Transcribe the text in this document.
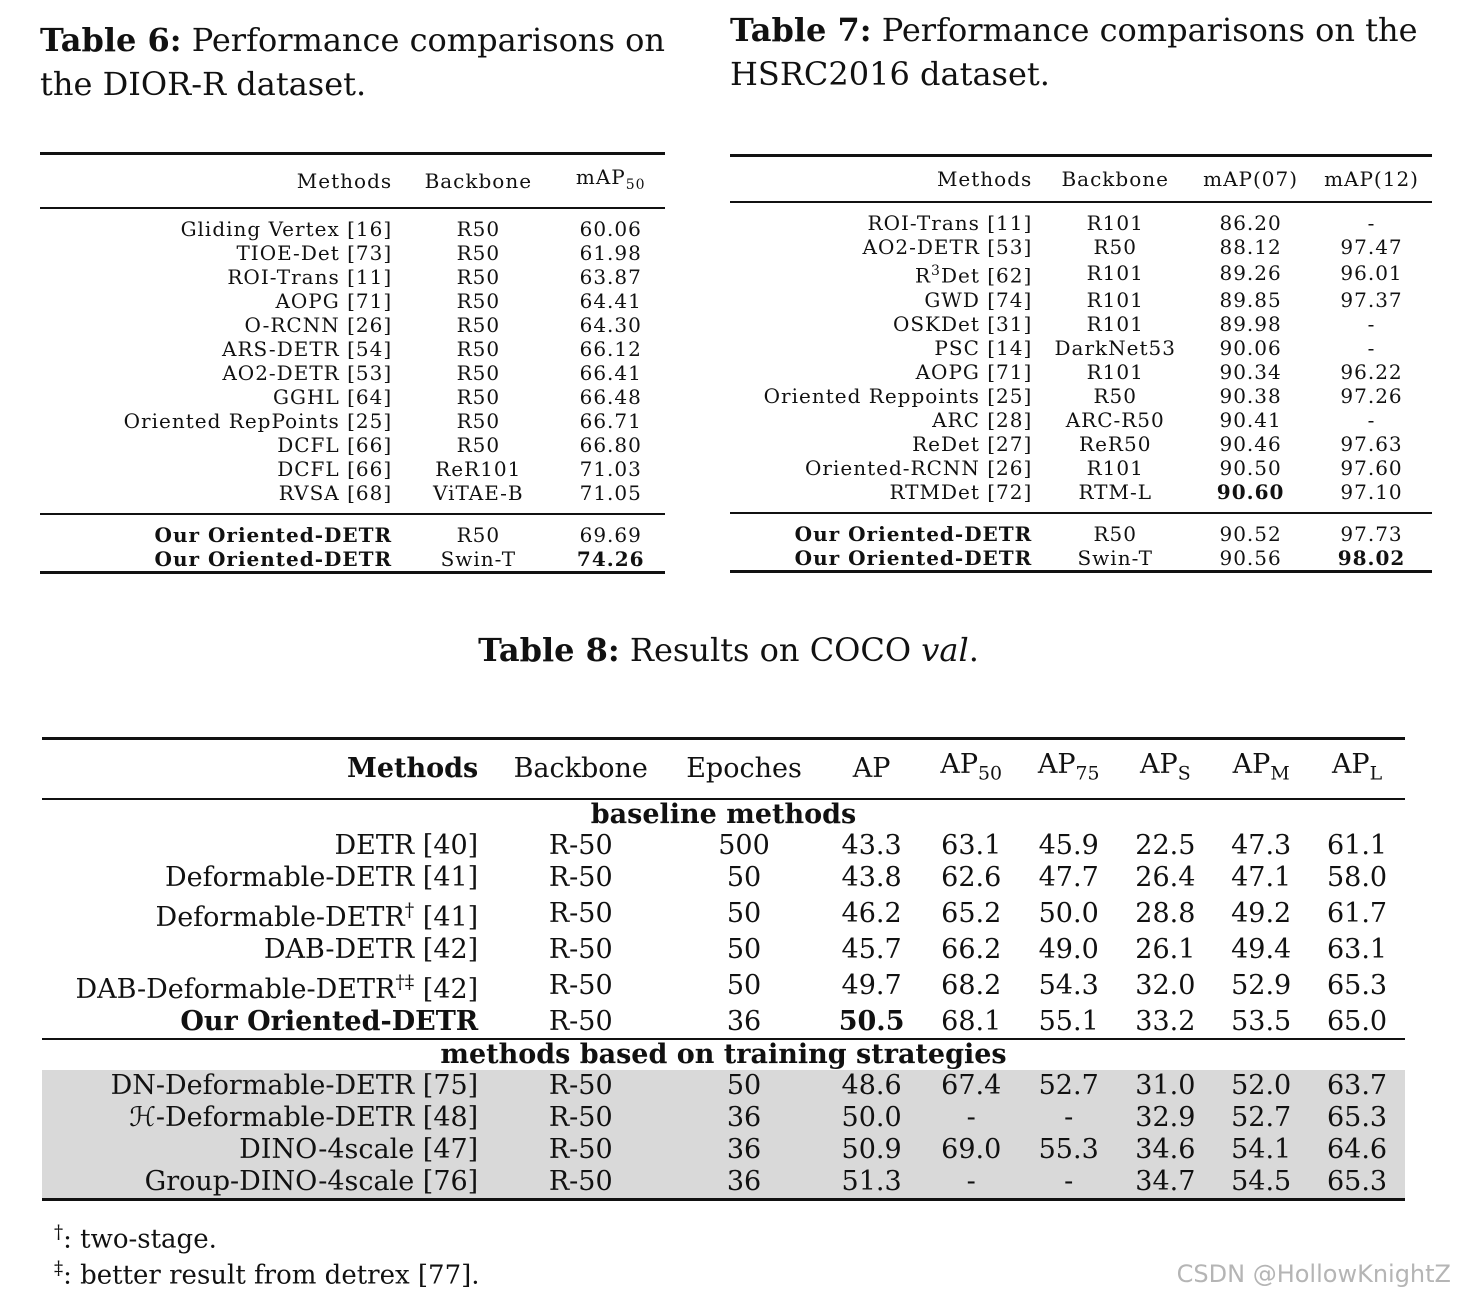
Table 6: Performance comparisons on the DIOR-R dataset.
Methods	Backbone	mAP$_{50}$
Gliding Vertex [16]	R50	60.06
TIOE-Det [73]	R50	61.98
ROI-Trans [11]	R50	63.87
AOPG [71]	R50	64.41
O-RCNN [26]	R50	64.30
ARS-DETR [54]	R50	66.12
AO2-DETR [53]	R50	66.41
GGHL [64]	R50	66.48
Oriented RepPoints [25]	R50	66.71
DCFL [66]	R50	66.80
DCFL [66]	ReR101	71.03
RVSA [68]	ViTAE-B	71.05
Our Oriented-DETR	R50	69.69
Our Oriented-DETR	Swin-T	74.26
Table 7: Performance comparisons on the HSRC2016 dataset.
Methods	Backbone	mAP(07)	mAP(12)
ROI-Trans [11]	R101	86.20	-
AO2-DETR [53]	R50	88.12	97.47
$R^3Det$ [62]	R101	89.26	96.01
GWD [74]	R101	89.85	97.37
OSKDet [31]	R101	89.98	-
PSC [14]	DarkNet53	90.06	-
AOPG [71]	R101	90.34	96.22
Oriented Reppoints [25]	R50	90.38	97.26
ARC [28]	ARC-R50	90.41	-
ReDet [27]	ReR50	90.46	97.63
Oriented-RCNN [26]	R101	90.50	97.60
RTMDet [72]	RTM-L	90.60	97.10
Our Oriented-DETR	R50	90.52	97.73
Our Oriented-DETR	Swin-T	90.56	98.02
Table 8: Results on COCO val.
Methods	Backbone	Epoches	AP	$AP_{50}$	$AP_{75}$	$AP_S$	$AP_M$	$AP_L$
baseline methods								
DETR [40]	R-50	500	43.3	63.1	45.9	22.5	47.3	61.1
Deformable-DETR [41]	R-50	50	43.8	62.6	47.7	26.4	47.1	58.0
Deformable-DETR† [41]	R-50	50	46.2	65.2	50.0	28.8	49.2	61.7
DAB-DETR [42]	R-50	50	45.7	66.2	49.0	26.1	49.4	63.1
DAB-Deformable-DETR†‡ [42]	R-50	50	49.7	68.2	54.3	32.0	52.9	65.3
Our Oriented-DETR	R-50	36	50.5	68.1	55.1	33.2	53.5	65.0
methods based on training strategies								
DN-Deformable-DETR [75]	R-50	50	48.6	67.4	52.7	31.0	52.0	63.7
ℋ-Deformable-DETR [48]	R-50	36	50.0	-	-	32.9	52.7	65.3
DINO-4scale [47]	R-50	36	50.9	69.0	55.3	34.6	54.1	64.6
Group-DINO-4scale [76]	R-50	36	51.3	-	-	34.7	54.5	65.3
†: two-stage.
‡: better result from detrex [77].	CSDN @HollowKnightZ
